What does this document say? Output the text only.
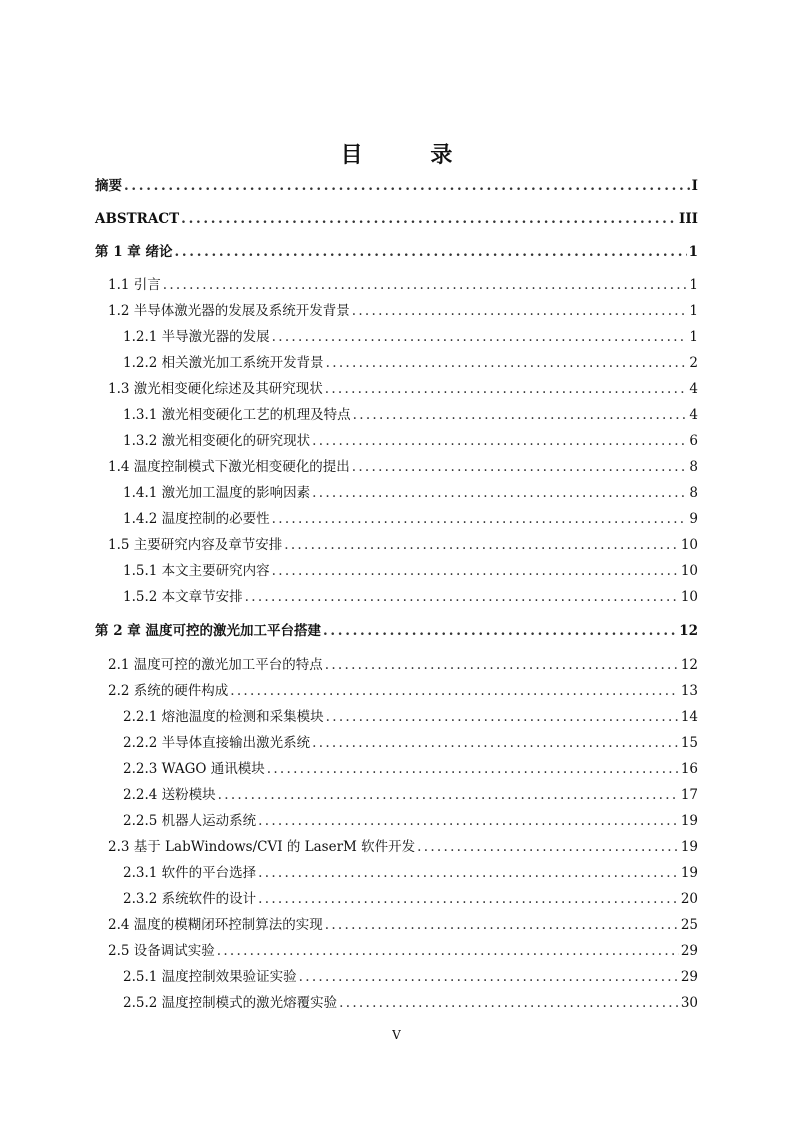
目 录
摘要 . . .	I
ABSTRACT . . .	III
第 1 章 绪论 . . .	1
1.1 引言 . . .	1
1.2 半导体激光器的发展及系统开发背景 . . .	1
1.2.1 半导激光器的发展 . . .	1
1.2.2 相关激光加工系统开发背景 . . .	2
1.3 激光相变硬化综述及其研究现状 . . .	4
1.3.1 激光相变硬化工艺的机理及特点 . . .	4
1.3.2 激光相变硬化的研究现状 . . .	6
1.4 温度控制模式下激光相变硬化的提出 . . .	8
1.4.1 激光加工温度的影响因素 . . .	8
1.4.2 温度控制的必要性 . . .	9
1.5 主要研究内容及章节安排 . . .	10
1.5.1 本文主要研究内容 . . .	10
1.5.2 本文章节安排 . . .	10
第 2 章 温度可控的激光加工平台搭建 . . .	12
2.1 温度可控的激光加工平台的特点 . . .	12
2.2 系统的硬件构成 . . .	13
2.2.1 熔池温度的检测和采集模块 . . .	14
2.2.2 半导体直接输出激光系统 . . .	15
2.2.3 WAGO 通讯模块 . . .	16
2.2.4 送粉模块 . . .	17
2.2.5 机器人运动系统 . . .	19
2.3 基于 LabWindows/CVI 的 LaserM 软件开发 . . .	19
2.3.1 软件的平台选择 . . .	19
2.3.2 系统软件的设计 . . .	20
2.4 温度的模糊闭环控制算法的实现 . . .	25
2.5 设备调试实验 . . .	29
2.5.1 温度控制效果验证实验 . . .	29
2.5.2 温度控制模式的激光熔覆实验 . . .	30
V
